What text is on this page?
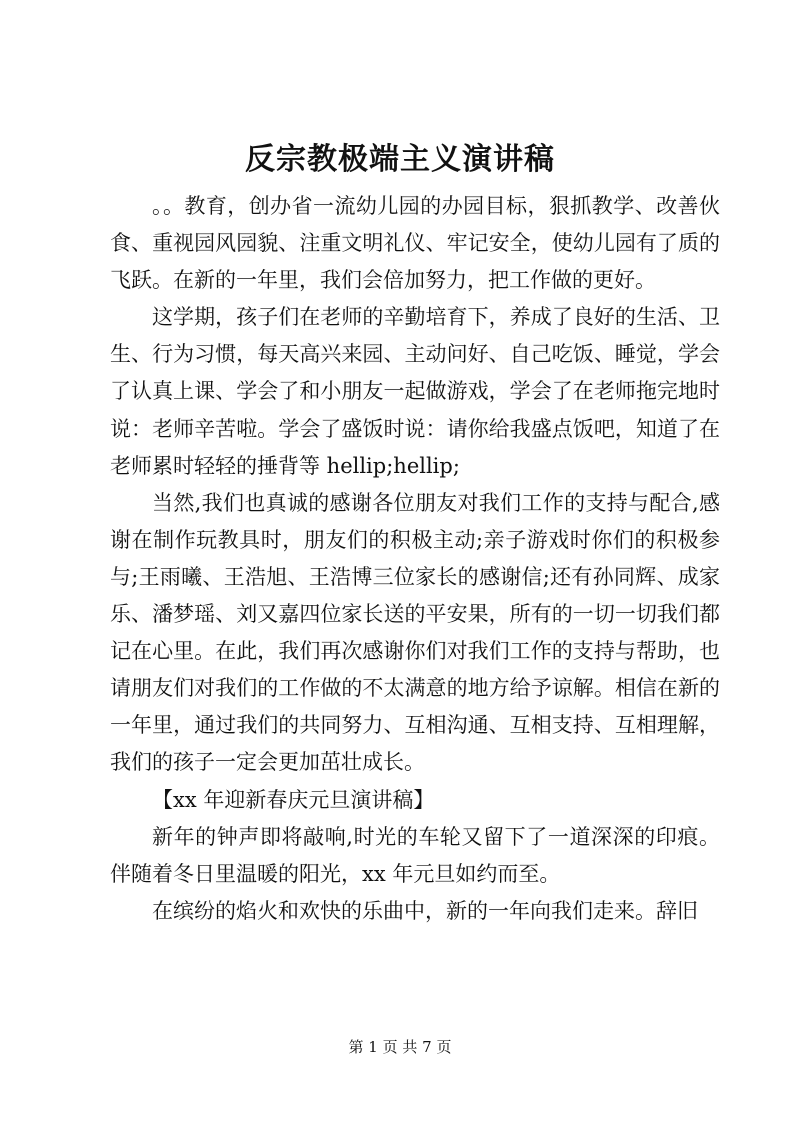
反宗教极端主义演讲稿

。。教育，创办省一流幼儿园的办园目标，狠抓教学、改善伙食、重视园风园貌、注重文明礼仪、牢记安全，使幼儿园有了质的飞跃。在新的一年里，我们会倍加努力，把工作做的更好。

这学期，孩子们在老师的辛勤培育下，养成了良好的生活、卫生、行为习惯，每天高兴来园、主动问好、自己吃饭、睡觉，学会了认真上课、学会了和小朋友一起做游戏，学会了在老师拖完地时说：老师辛苦啦。学会了盛饭时说：请你给我盛点饭吧，知道了在老师累时轻轻的捶背等 hellip;hellip;

当然,我们也真诚的感谢各位朋友对我们工作的支持与配合,感谢在制作玩教具时，朋友们的积极主动;亲子游戏时你们的积极参与;王雨曦、王浩旭、王浩博三位家长的感谢信;还有孙同辉、成家乐、潘梦瑶、刘又嘉四位家长送的平安果，所有的一切一切我们都记在心里。在此，我们再次感谢你们对我们工作的支持与帮助，也请朋友们对我们的工作做的不太满意的地方给予谅解。相信在新的一年里，通过我们的共同努力、互相沟通、互相支持、互相理解，我们的孩子一定会更加茁壮成长。

【xx 年迎新春庆元旦演讲稿】

新年的钟声即将敲响,时光的车轮又留下了一道深深的印痕。伴随着冬日里温暖的阳光，xx 年元旦如约而至。

在缤纷的焰火和欢快的乐曲中，新的一年向我们走来。辞旧

第 1 页 共 7 页
